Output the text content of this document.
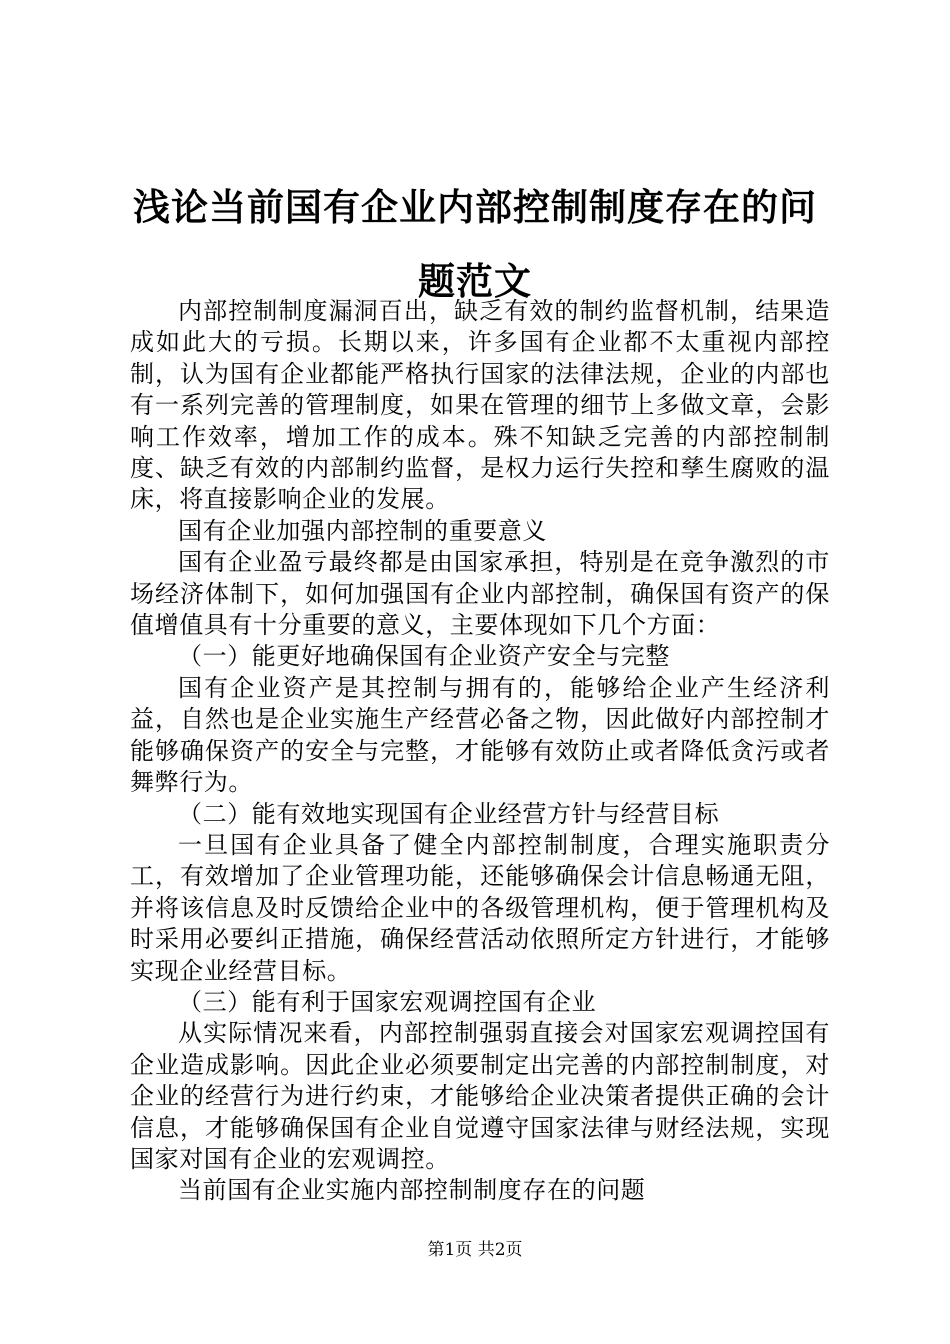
浅论当前国有企业内部控制制度存在的问题范文

内部控制制度漏洞百出，缺乏有效的制约监督机制，结果造成如此大的亏损。长期以来，许多国有企业都不太重视内部控制，认为国有企业都能严格执行国家的法律法规，企业的内部也有一系列完善的管理制度，如果在管理的细节上多做文章，会影响工作效率，增加工作的成本。殊不知缺乏完善的内部控制制度、缺乏有效的内部制约监督，是权力运行失控和孳生腐败的温床，将直接影响企业的发展。

国有企业加强内部控制的重要意义

国有企业盈亏最终都是由国家承担，特别是在竞争激烈的市场经济体制下，如何加强国有企业内部控制，确保国有资产的保值增值具有十分重要的意义，主要体现如下几个方面：

（一）能更好地确保国有企业资产安全与完整

国有企业资产是其控制与拥有的，能够给企业产生经济利益，自然也是企业实施生产经营必备之物，因此做好内部控制才能够确保资产的安全与完整，才能够有效防止或者降低贪污或者舞弊行为。

（二）能有效地实现国有企业经营方针与经营目标

一旦国有企业具备了健全内部控制制度，合理实施职责分工，有效增加了企业管理功能，还能够确保会计信息畅通无阻，并将该信息及时反馈给企业中的各级管理机构，便于管理机构及时采用必要纠正措施，确保经营活动依照所定方针进行，才能够实现企业经营目标。

（三）能有利于国家宏观调控国有企业

从实际情况来看，内部控制强弱直接会对国家宏观调控国有企业造成影响。因此企业必须要制定出完善的内部控制制度，对企业的经营行为进行约束，才能够给企业决策者提供正确的会计信息，才能够确保国有企业自觉遵守国家法律与财经法规，实现国家对国有企业的宏观调控。

当前国有企业实施内部控制制度存在的问题

第1页 共2页
